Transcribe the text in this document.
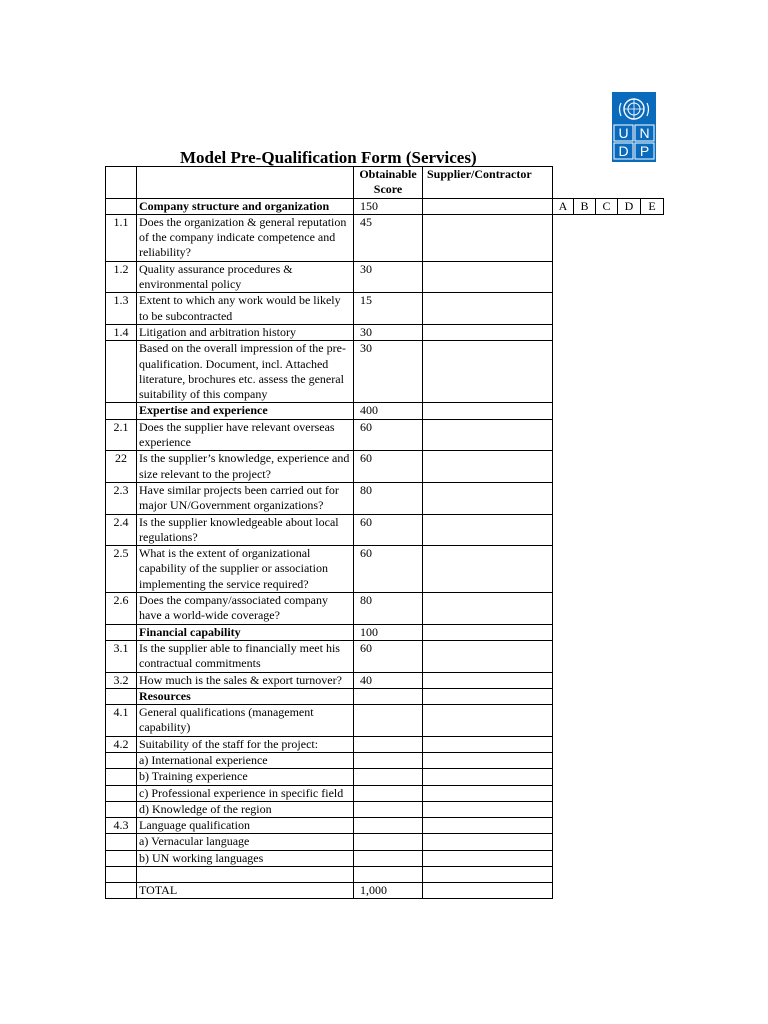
U N
D P
Model Pre-Qualification Form (Services)
		Obtainable Score	Supplier/Contractor					
	Company structure and organization	150		A	B	C	D	E
1.1	Does the organization & general reputation of the company indicate competence and reliability?	45						
1.2	Quality assurance procedures & environmental policy	30						
1.3	Extent to which any work would be likely to be subcontracted	15						
1.4	Litigation and arbitration history	30						
	Based on the overall impression of the pre-qualification. Document, incl. Attached literature, brochures etc. assess the general suitability of this company	30						
	Expertise and experience	400						
2.1	Does the supplier have relevant overseas experience	60						
22	Is the supplier’s knowledge, experience and size relevant to the project?	60						
2.3	Have similar projects been carried out for major UN/Government organizations?	80						
2.4	Is the supplier knowledgeable about local regulations?	60						
2.5	What is the extent of organizational capability of the supplier or association implementing the service required?	60						
2.6	Does the company/associated company have a world-wide coverage?	80						
	Financial capability	100						
3.1	Is the supplier able to financially meet his contractual commitments	60						
3.2	How much is the sales & export turnover?	40						
	Resources							
4.1	General qualifications (management capability)							
4.2	Suitability of the staff for the project:							
	a) International experience							
	b) Training experience							
	c) Professional experience in specific field							
	d) Knowledge of the region							
4.3	Language qualification							
	a) Vernacular language							
	b) UN working languages							

	TOTAL	1,000						
